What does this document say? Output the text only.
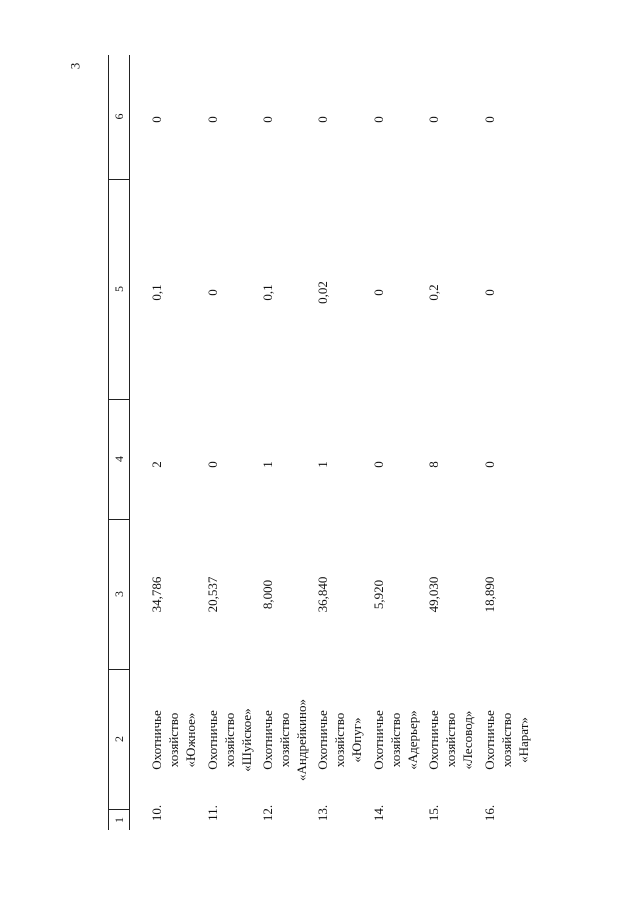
3
1
2
3
4
5
6
10.
Охотничье хозяйство «Южное»
34,786
2
0,1
0
11.
Охотничье хозяйство «Шуйское»
20,537
0
0
0
12.
Охотничье хозяйство «Андрейкино»
8,000
1
0,1
0
13.
Охотничье хозяйство «Юпуг»
36,840
1
0,02
0
14.
Охотничье хозяйство «Адерьер»
5,920
0
0
0
15.
Охотничье хозяйство «Лесовод»
49,030
8
0,2
0
16.
Охотничье хозяйство «Нарат»
18,890
0
0
0
